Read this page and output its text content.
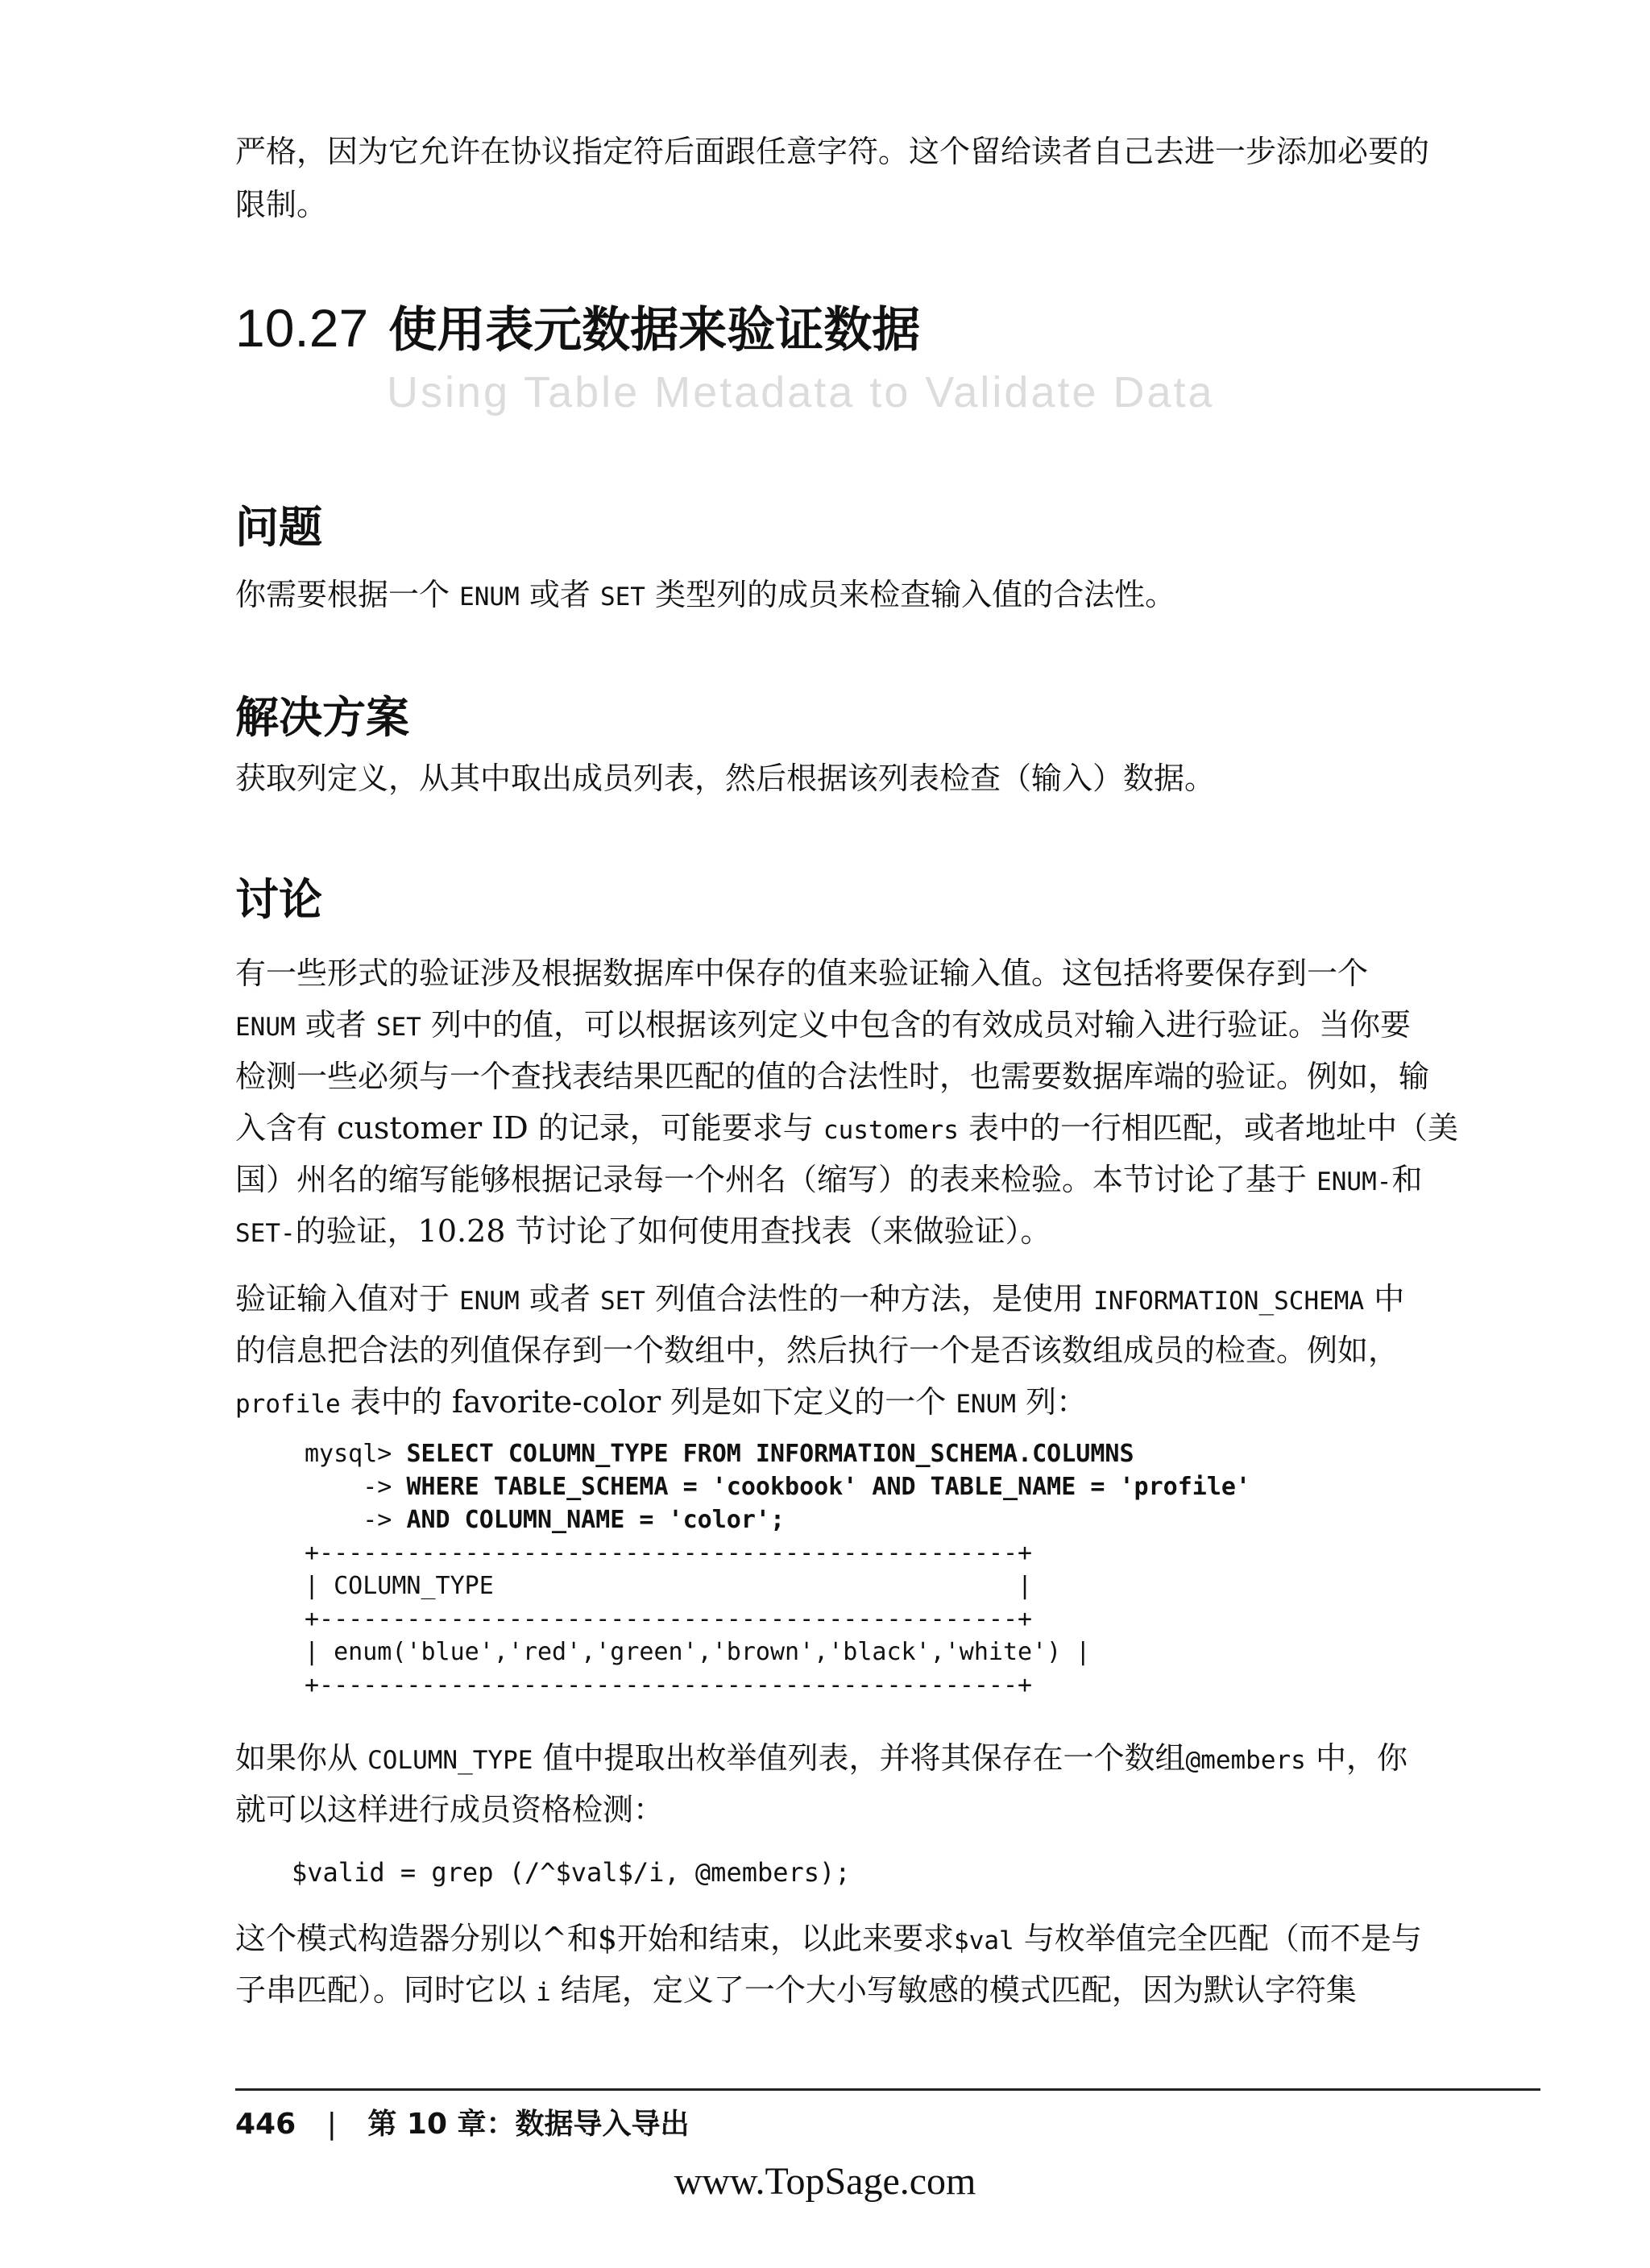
严格，因为它允许在协议指定符后面跟任意字符。这个留给读者自己去进一步添加必要的
限制。
10.27 使用表元数据来验证数据
Using Table Metadata to Validate Data
问题
你需要根据一个 ENUM 或者 SET 类型列的成员来检查输入值的合法性。
解决方案
获取列定义，从其中取出成员列表，然后根据该列表检查（输入）数据。
讨论
有一些形式的验证涉及根据数据库中保存的值来验证输入值。这包括将要保存到一个
ENUM 或者 SET 列中的值，可以根据该列定义中包含的有效成员对输入进行验证。当你要
检测一些必须与一个查找表结果匹配的值的合法性时，也需要数据库端的验证。例如，输
入含有 customer ID 的记录，可能要求与 customers 表中的一行相匹配，或者地址中（美
国）州名的缩写能够根据记录每一个州名（缩写）的表来检验。本节讨论了基于 ENUM-和
SET-的验证，10.28 节讨论了如何使用查找表（来做验证）。
验证输入值对于 ENUM 或者 SET 列值合法性的一种方法，是使用 INFORMATION_SCHEMA 中
的信息把合法的列值保存到一个数组中，然后执行一个是否该数组成员的检查。例如，
profile 表中的 favorite-color 列是如下定义的一个 ENUM 列：
mysql> SELECT COLUMN_TYPE FROM INFORMATION_SCHEMA.COLUMNS
-> WHERE TABLE_SCHEMA = 'cookbook' AND TABLE_NAME = 'profile'
-> AND COLUMN_NAME = 'color';
+------------------------------------------------+
| COLUMN_TYPE                                    |
+------------------------------------------------+
| enum('blue','red','green','brown','black','white') |
+------------------------------------------------+
如果你从 COLUMN_TYPE 值中提取出枚举值列表，并将其保存在一个数组@members 中，你
就可以这样进行成员资格检测：
$valid = grep (/^$val$/i, @members);
这个模式构造器分别以^和$开始和结束，以此来要求$val 与枚举值完全匹配（而不是与
子串匹配）。同时它以 i 结尾，定义了一个大小写敏感的模式匹配，因为默认字符集
446 | 第 10 章：数据导入导出
www.TopSage.com
